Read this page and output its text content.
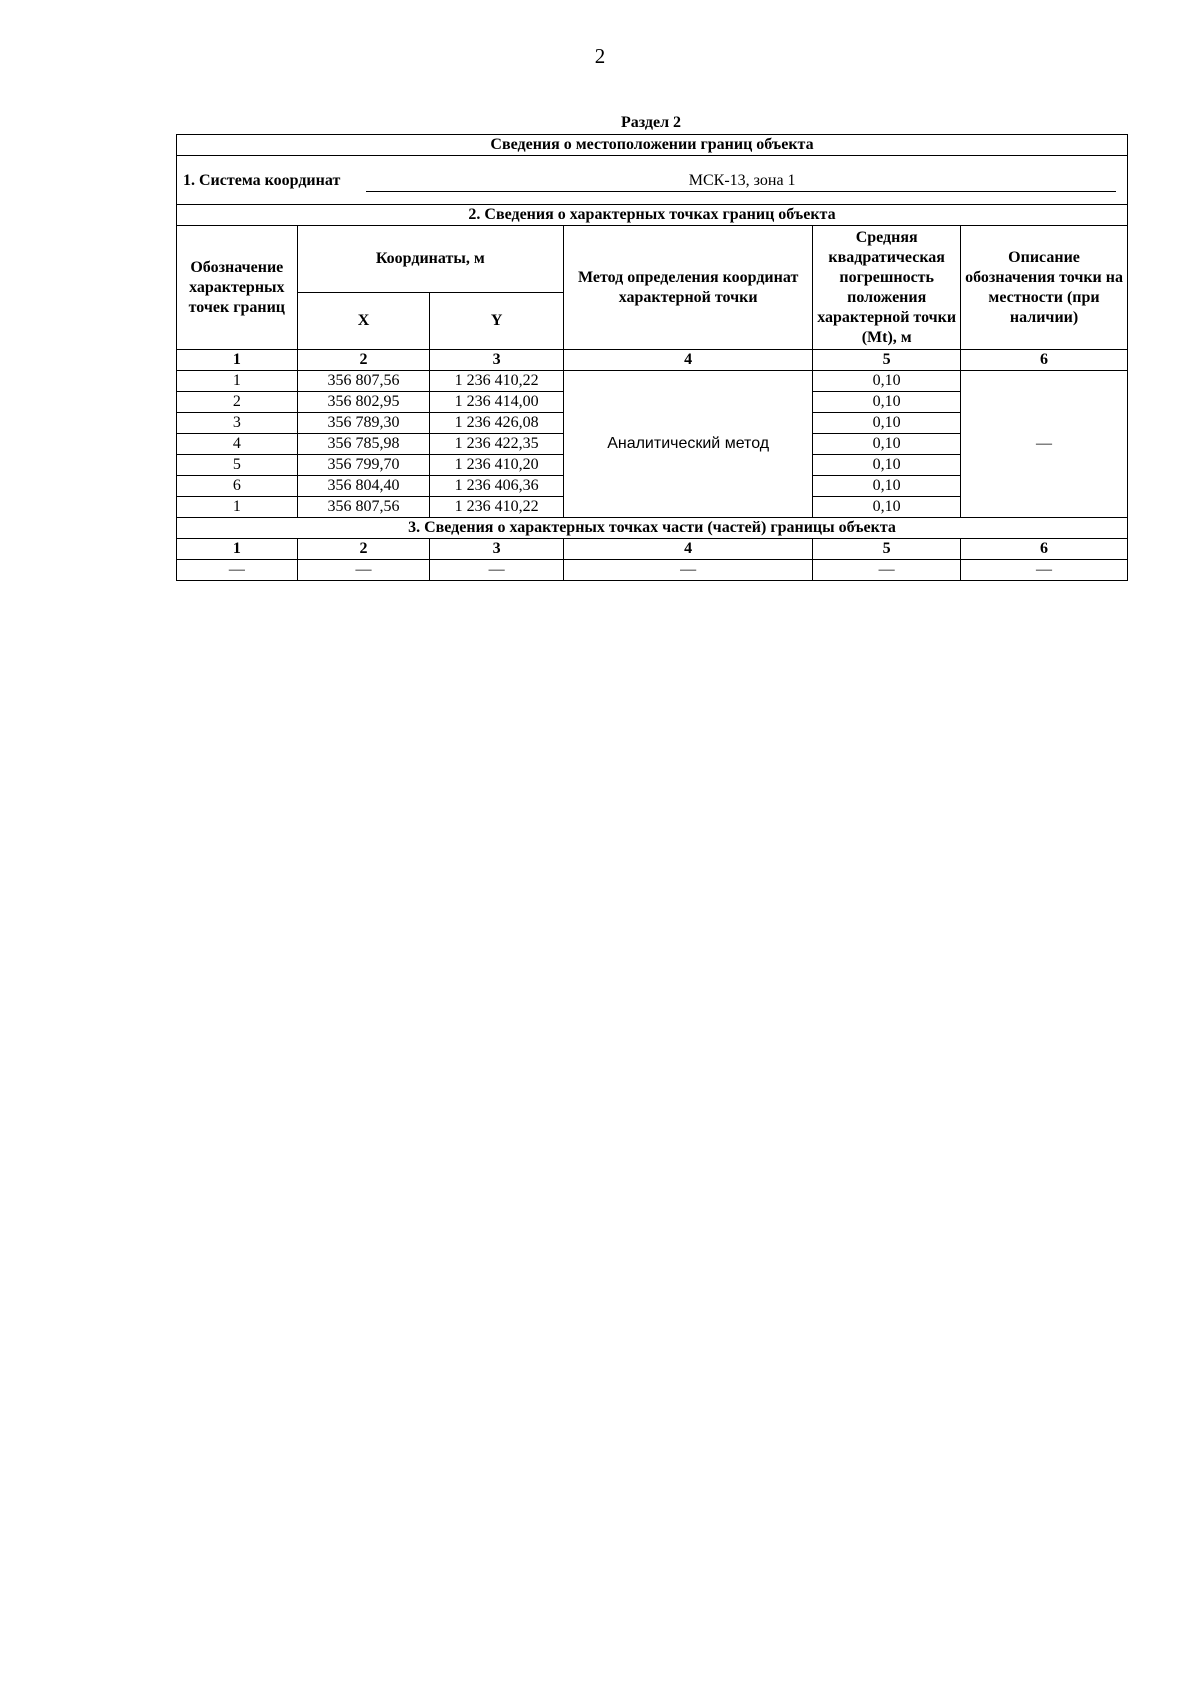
2
Раздел 2
Сведения о местоположении границ объекта					

1. Система координат МСК-13, зона 1					

2. Сведения о характерных точках границ объекта					
Обозначение характерных точек границ	Координаты, м		Метод определения координат характерной точки	Средняя квадратическая погрешность положения характерной точки (Mt), м	Описание обозначения точки на местности (при наличии)
	X	Y			
1	2	3	4	5	6
1	356 807,56	1 236 410,22	Аналитический метод	0,10	—
2	356 802,95	1 236 414,00		0,10	
3	356 789,30	1 236 426,08		0,10	
4	356 785,98	1 236 422,35		0,10	
5	356 799,70	1 236 410,20		0,10	
6	356 804,40	1 236 406,36		0,10	
1	356 807,56	1 236 410,22		0,10	
3. Сведения о характерных точках части (частей) границы объекта					
1	2	3	4	5	6
—	—	—	—	—	—
